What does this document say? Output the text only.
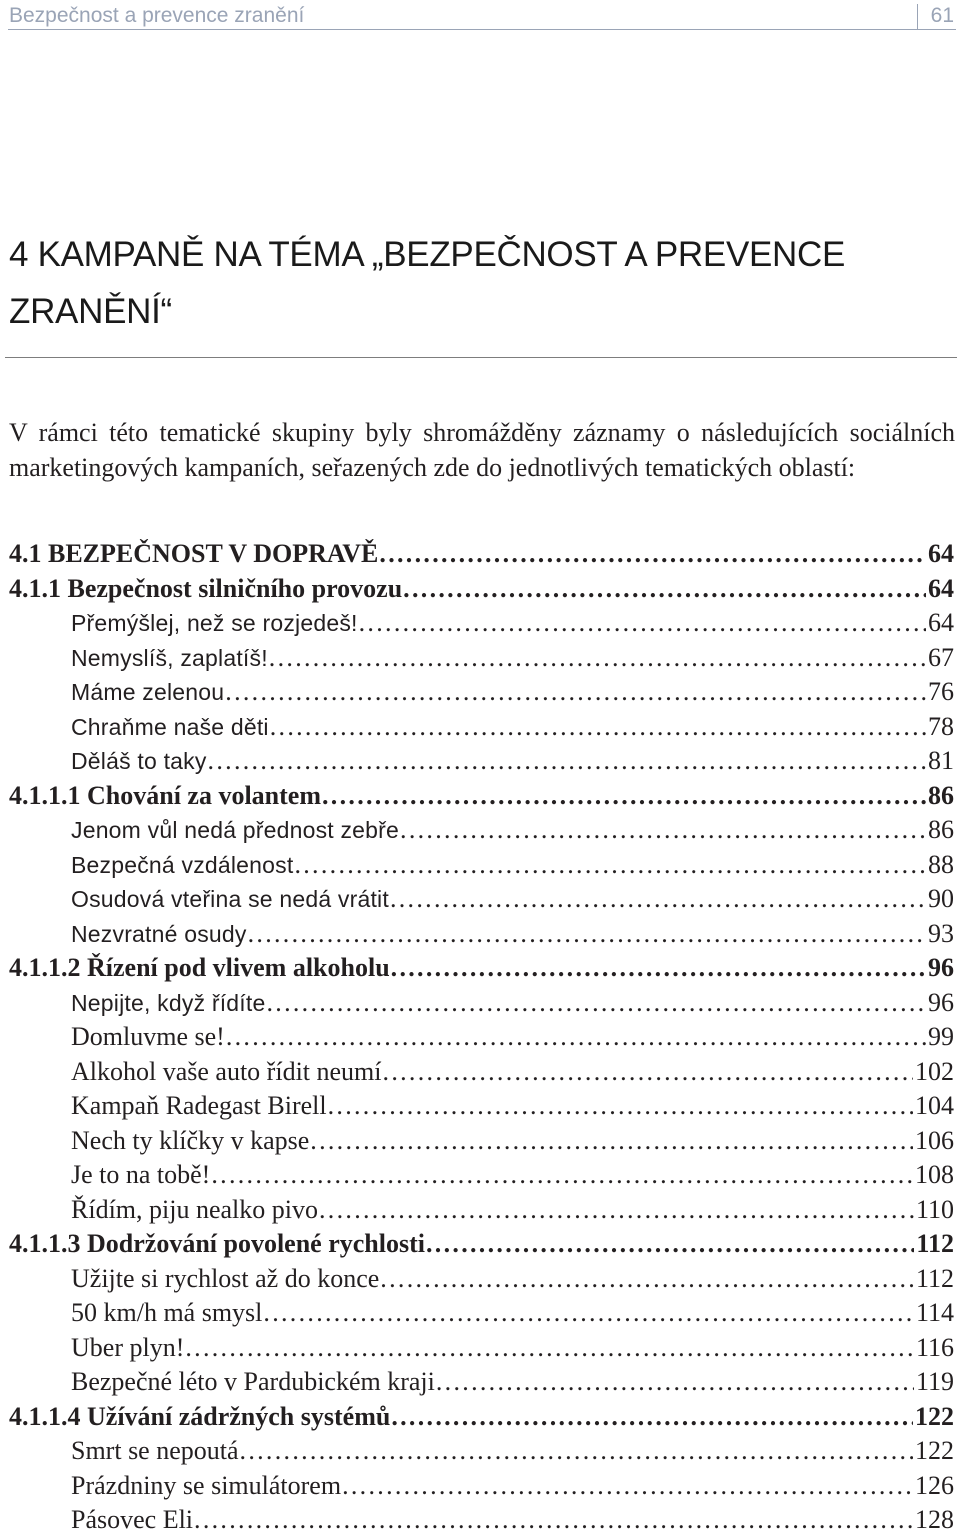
Bezpečnost a prevence zranění	61
4 KAMPANĚ NA TÉMA „BEZPEČNOST A PREVENCE ZRANĚNÍ“

V rámci této tematické skupiny byly shromážděny záznamy o následujících sociálních marketingových kampaních, seřazených zde do jednotlivých tematických oblastí:

4.1 BEZPEČNOST V DOPRAVĚ . . .	64
4.1.1 Bezpečnost silničního provozu . . .	64
Přemýšlej, než se rozjedeš! . . .	64
Nemyslíš, zaplatíš! . . .	67
Máme zelenou . . .	76
Chraňme naše děti . . .	78
Děláš to taky . . .	81
4.1.1.1 Chování za volantem . . .	86
Jenom vůl nedá přednost zebře . . .	86
Bezpečná vzdálenost . . .	88
Osudová vteřina se nedá vrátit . . .	90
Nezvratné osudy . . .	93
4.1.1.2 Řízení pod vlivem alkoholu . . .	96
Nepijte, když řídíte . . .	96
Domluvme se! . . .	99
Alkohol vaše auto řídit neumí . . .	102
Kampaň Radegast Birell . . .	104
Nech ty klíčky v kapse . . .	106
Je to na tobě! . . .	108
Řídím, piju nealko pivo . . .	110
4.1.1.3 Dodržování povolené rychlosti . . .	112
Užijte si rychlost až do konce . . .	112
50 km/h má smysl . . .	114
Uber plyn! . . .	116
Bezpečné léto v Pardubickém kraji . . .	119
4.1.1.4 Užívání zádržných systémů . . .	122
Smrt se nepoutá . . .	122
Prázdniny se simulátorem . . .	126
Pásovec Eli . . .	128
